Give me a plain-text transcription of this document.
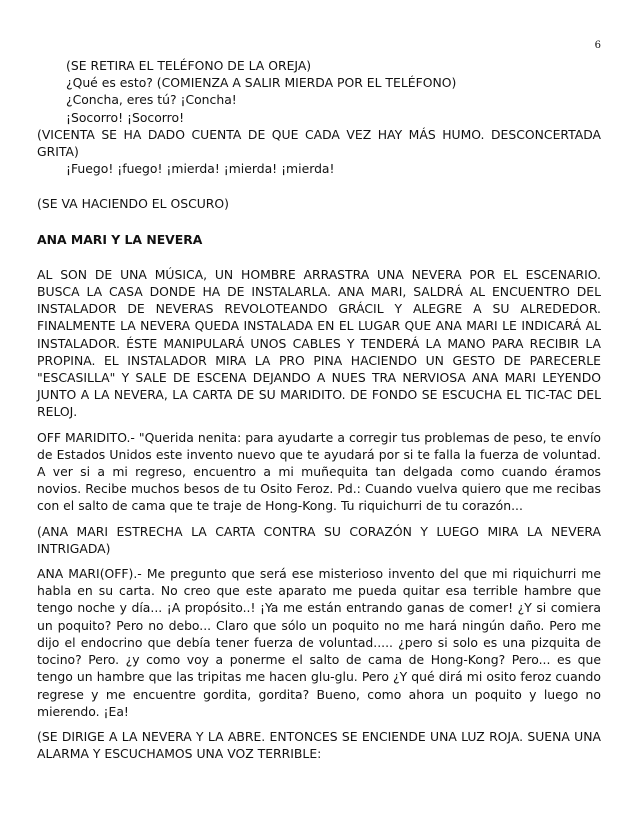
6
(SE RETIRA EL TELÉFONO DE LA OREJA)
¿Qué es esto? (COMIENZA A SALIR MIERDA POR EL TELÉFONO)
¿Concha, eres tú? ¡Concha!
¡Socorro! ¡Socorro!

(VICENTA SE HA DADO CUENTA DE QUE CADA VEZ HAY MÁS HUMO. DESCONCERTADA GRITA)

¡Fuego! ¡fuego! ¡mierda! ¡mierda! ¡mierda!
(SE VA HACIENDO EL OSCURO)

ANA MARI Y LA NEVERA

AL SON DE UNA MÚSICA, UN HOMBRE ARRASTRA UNA NEVERA POR EL ESCENARIO. BUSCA LA CASA DONDE HA DE INSTALARLA. ANA MARI, SALDRÁ AL ENCUENTRO DEL INSTALADOR DE NEVERAS REVOLOTEANDO GRÁCIL Y ALEGRE A SU ALREDEDOR. FINALMENTE LA NEVERA QUEDA INSTALADA EN EL LUGAR QUE ANA MARI LE INDICARÁ AL INSTALADOR. ÉSTE MANIPULARÁ UNOS CABLES Y TENDERÁ LA MANO PARA RECIBIR LA PROPINA. EL INSTALADOR MIRA LA PRO PINA HACIENDO UN GESTO DE PARECERLE "ESCASILLA" Y SALE DE ESCENA DEJANDO A NUES TRA NERVIOSA ANA MARI LEYENDO JUNTO A LA NEVERA, LA CARTA DE SU MARIDITO. DE FONDO SE ESCUCHA EL TIC-TAC DEL RELOJ.

OFF MARIDITO.- "Querida nenita: para ayudarte a corregir tus problemas de peso, te envío de Estados Unidos este invento nuevo que te ayudará por si te falla la fuerza de voluntad. A ver si a mi regreso, encuentro a mi muñequita tan delgada como cuando éramos novios. Recibe muchos besos de tu Osito Feroz. Pd.: Cuando vuelva quiero que me recibas con el salto de cama que te traje de Hong-Kong. Tu riquichurri de tu corazón...

(ANA MARI ESTRECHA LA CARTA CONTRA SU CORAZÓN Y LUEGO MIRA LA NEVERA INTRIGADA)

ANA MARI(OFF).- Me pregunto que será ese misterioso invento del que mi riquichurri me habla en su carta. No creo que este aparato me pueda quitar esa terrible hambre que tengo noche y día... ¡A propósito..! ¡Ya me están entrando ganas de comer! ¿Y si comiera un poquito? Pero no debo... Claro que sólo un poquito no me hará ningún daño. Pero me dijo el endocrino que debía tener fuerza de voluntad..... ¿pero si solo es una pizquita de tocino? Pero. ¿y como voy a ponerme el salto de cama de Hong-Kong? Pero... es que tengo un hambre que las tripitas me hacen glu-glu. Pero ¿Y qué dirá mi osito feroz cuando regrese y me encuentre gordita, gordita? Bueno, como ahora un poquito y luego no mierendo. ¡Ea!

(SE DIRIGE A LA NEVERA Y LA ABRE. ENTONCES SE ENCIENDE UNA LUZ ROJA. SUENA UNA ALARMA Y ESCUCHAMOS UNA VOZ TERRIBLE:
